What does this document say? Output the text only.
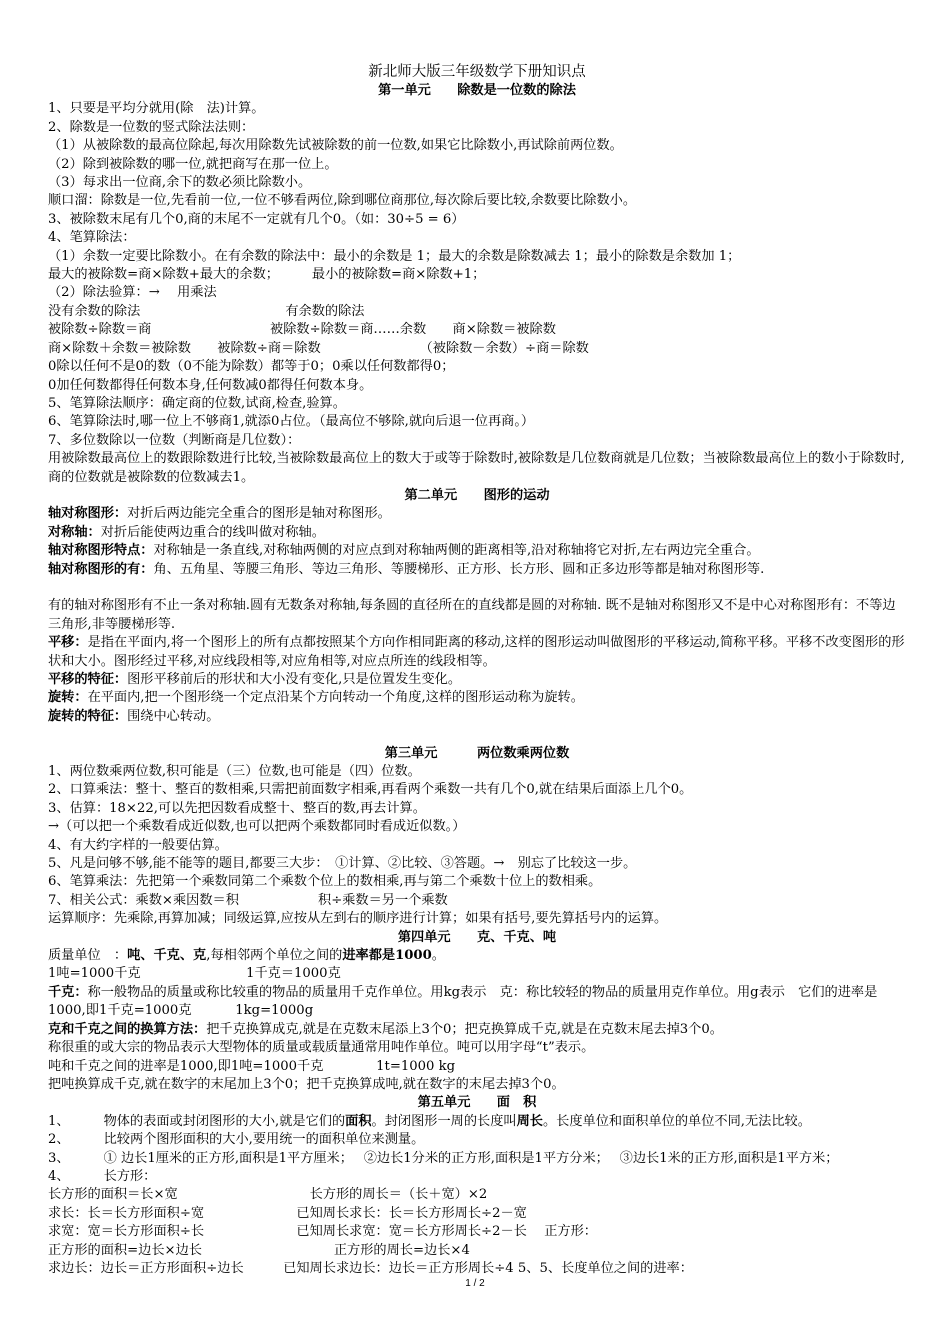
新北师大版三年级数学下册知识点
第一单元　　除数是一位数的除法
1、只要是平均分就用(除　法)计算。
2、除数是一位数的竖式除法法则：
（1）从被除数的最高位除起,每次用除数先试被除数的前一位数,如果它比除数小,再试除前两位数。
（2）除到被除数的哪一位,就把商写在那一位上。
（3）每求出一位商,余下的数必须比除数小。
顺口溜：除数是一位,先看前一位,一位不够看两位,除到哪位商那位,每次除后要比较,余数要比除数小。
3、被除数末尾有几个0,商的末尾不一定就有几个0。（如：30÷5 = 6）
4、笔算除法：
（1）余数一定要比除数小。在有余数的除法中：最小的余数是 1；最大的余数是除数减去 1；最小的除数是余数加 1；
最大的被除数=商×除数+最大的余数；　　　最小的被除数=商×除数+1；
（2）除法验算：→　 用乘法
没有余数的除法　　　　　　　　　　　有余数的除法
被除数÷除数＝商　　　　　　　　　被除数÷除数＝商……余数　　商×除数＝被除数
商×除数＋余数＝被除数　　被除数÷商＝除数　　　　　　　　（被除数－余数）÷商＝除数
0除以任何不是0的数（0不能为除数）都等于0；0乘以任何数都得0；
0加任何数都得任何数本身,任何数减0都得任何数本身。
5、笔算除法顺序：确定商的位数,试商,检查,验算。
6、笔算除法时,哪一位上不够商1,就添0占位。（最高位不够除,就向后退一位再商。）
7、多位数除以一位数（判断商是几位数）：
用被除数最高位上的数跟除数进行比较,当被除数最高位上的数大于或等于除数时,被除数是几位数商就是几位数；当被除数最高位上的数小于除数时,商的位数就是被除数的位数减去1。
第二单元　　图形的运动
轴对称图形：对折后两边能完全重合的图形是轴对称图形。
对称轴：对折后能使两边重合的线叫做对称轴。
轴对称图形特点：对称轴是一条直线,对称轴两侧的对应点到对称轴两侧的距离相等,沿对称轴将它对折,左右两边完全重合。
轴对称图形的有：角、五角星、等腰三角形、等边三角形、等腰梯形、正方形、长方形、圆和正多边形等都是轴对称图形等.
有的轴对称图形有不止一条对称轴.圆有无数条对称轴,每条圆的直径所在的直线都是圆的对称轴. 既不是轴对称图形又不是中心对称图形有：不等边三角形,非等腰梯形等.
平移：是指在平面内,将一个图形上的所有点都按照某个方向作相同距离的移动,这样的图形运动叫做图形的平移运动,简称平移。平移不改变图形的形状和大小。图形经过平移,对应线段相等,对应角相等,对应点所连的线段相等。
平移的特征：图形平移前后的形状和大小没有变化,只是位置发生变化。
旋转：在平面内,把一个图形绕一个定点沿某个方向转动一个角度,这样的图形运动称为旋转。
旋转的特征：围绕中心转动。
第三单元　　　两位数乘两位数
1、两位数乘两位数,积可能是（三）位数,也可能是（四）位数。
2、口算乘法：整十、整百的数相乘,只需把前面数字相乘,再看两个乘数一共有几个0,就在结果后面添上几个0。
3、估算：18×22,可以先把因数看成整十、整百的数,再去计算。
→（可以把一个乘数看成近似数,也可以把两个乘数都同时看成近似数。）
4、有大约字样的一般要估算。
5、凡是问够不够,能不能等的题目,都要三大步：　①计算、②比较、③答题。→　别忘了比较这一步。
6、笔算乘法：先把第一个乘数同第二个乘数个位上的数相乘,再与第二个乘数十位上的数相乘。
7、相关公式：乘数×乘因数＝积　　　　　　积÷乘数＝另一个乘数
运算顺序：先乘除,再算加减；同级运算,应按从左到右的顺序进行计算；如果有括号,要先算括号内的运算。
第四单元　　克、千克、吨
质量单位　：吨、千克、克,每相邻两个单位之间的进率都是1000。
1吨=1000千克　　　　　　　　1千克＝1000克
千克：称一般物品的质量或称比较重的物品的质量用千克作单位。用kg表示　克：称比较轻的物品的质量用克作单位。用g表示　它们的进率是1000,即1千克=1000克　　　 1kg=1000g
克和千克之间的换算方法：把千克换算成克,就是在克数末尾添上3个0；把克换算成千克,就是在克数末尾去掉3个0。
称很重的或大宗的物品表示大型物体的质量或载质量通常用吨作单位。吨可以用字母“t”表示。
吨和千克之间的进率是1000,即1吨=1000千克　　　　1t=1000 kg
把吨换算成千克,就在数字的末尾加上3个0；把千克换算成吨,就在数字的末尾去掉3个0。
第五单元　　面　积
1、	物体的表面或封闭图形的大小,就是它们的面积。封闭图形一周的长度叫周长。长度单位和面积单位的单位不同,无法比较。
2、	比较两个图形面积的大小,要用统一的面积单位来测量。
3、	① 边长1厘米的正方形,面积是1平方厘米；　 ②边长1分米的正方形,面积是1平方分米；　 ③边长1米的正方形,面积是1平方米；
4、	长方形：
长方形的面积＝长×宽　　　　　　　　　　长方形的周长＝（长＋宽）×2
求长：长＝长方形面积÷宽　　　　　　　已知周长求长：长＝长方形周长÷2－宽
求宽：宽＝长方形面积÷长　　　　　　　已知周长求宽：宽＝长方形周长÷2－长　 正方形：
正方形的面积=边长×边长　　　　　　　　　　正方形的周长=边长×4
求边长：边长＝正方形面积÷边长　　　已知周长求边长：边长＝正方形周长÷4 5、5、长度单位之间的进率：
1 / 2
